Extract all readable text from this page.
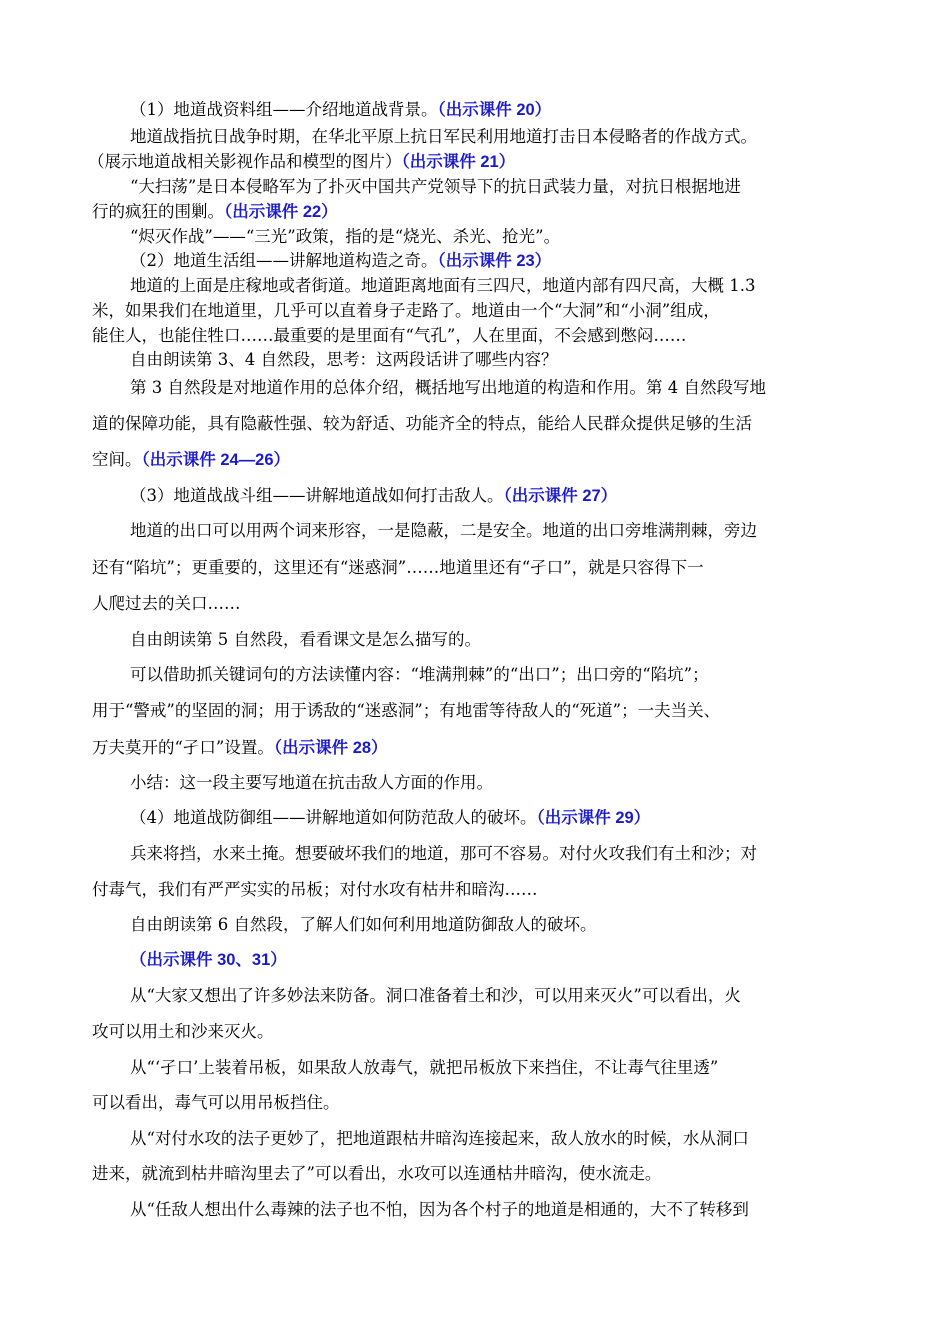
（1）地道战资料组——介绍地道战背景。（出示课件 20）
地道战指抗日战争时期，在华北平原上抗日军民利用地道打击日本侵略者的作战方式。
（展示地道战相关影视作品和模型的图片）（出示课件 21）
“大扫荡”是日本侵略军为了扑灭中国共产党领导下的抗日武装力量，对抗日根据地进
行的疯狂的围剿。（出示课件 22）
“烬灭作战”——“三光”政策，指的是“烧光、杀光、抢光”。
（2）地道生活组——讲解地道构造之奇。（出示课件 23）
地道的上面是庄稼地或者街道。地道距离地面有三四尺，地道内部有四尺高，大概 1.3
米，如果我们在地道里，几乎可以直着身子走路了。地道由一个“大洞”和“小洞”组成，
能住人，也能住牲口……最重要的是里面有“气孔”，人在里面，不会感到憋闷……
自由朗读第 3、4 自然段，思考：这两段话讲了哪些内容？
第 3 自然段是对地道作用的总体介绍，概括地写出地道的构造和作用。第 4 自然段写地
道的保障功能，具有隐蔽性强、较为舒适、功能齐全的特点，能给人民群众提供足够的生活
空间。（出示课件 24—26）
（3）地道战战斗组——讲解地道战如何打击敌人。（出示课件 27）
地道的出口可以用两个词来形容，一是隐蔽，二是安全。地道的出口旁堆满荆棘，旁边
还有“陷坑”；更重要的，这里还有“迷惑洞”……地道里还有“孑口”，就是只容得下一
人爬过去的关口……
自由朗读第 5 自然段，看看课文是怎么描写的。
可以借助抓关键词句的方法读懂内容：“堆满荆棘”的“出口”；出口旁的“陷坑”；
用于“警戒”的坚固的洞；用于诱敌的“迷惑洞”；有地雷等待敌人的“死道”；一夫当关、
万夫莫开的“孑口”设置。（出示课件 28）
小结：这一段主要写地道在抗击敌人方面的作用。
（4）地道战防御组——讲解地道如何防范敌人的破坏。（出示课件 29）
兵来将挡，水来土掩。想要破坏我们的地道，那可不容易。对付火攻我们有土和沙；对
付毒气，我们有严严实实的吊板；对付水攻有枯井和暗沟……
自由朗读第 6 自然段，了解人们如何利用地道防御敌人的破坏。
（出示课件 30、31）
从“大家又想出了许多妙法来防备。洞口准备着土和沙，可以用来灭火”可以看出，火
攻可以用土和沙来灭火。
从“‘孑口’上装着吊板，如果敌人放毒气，就把吊板放下来挡住，不让毒气往里透”
可以看出，毒气可以用吊板挡住。
从“对付水攻的法子更妙了，把地道跟枯井暗沟连接起来，敌人放水的时候，水从洞口
进来，就流到枯井暗沟里去了”可以看出，水攻可以连通枯井暗沟，使水流走。
从“任敌人想出什么毒辣的法子也不怕，因为各个村子的地道是相通的，大不了转移到
